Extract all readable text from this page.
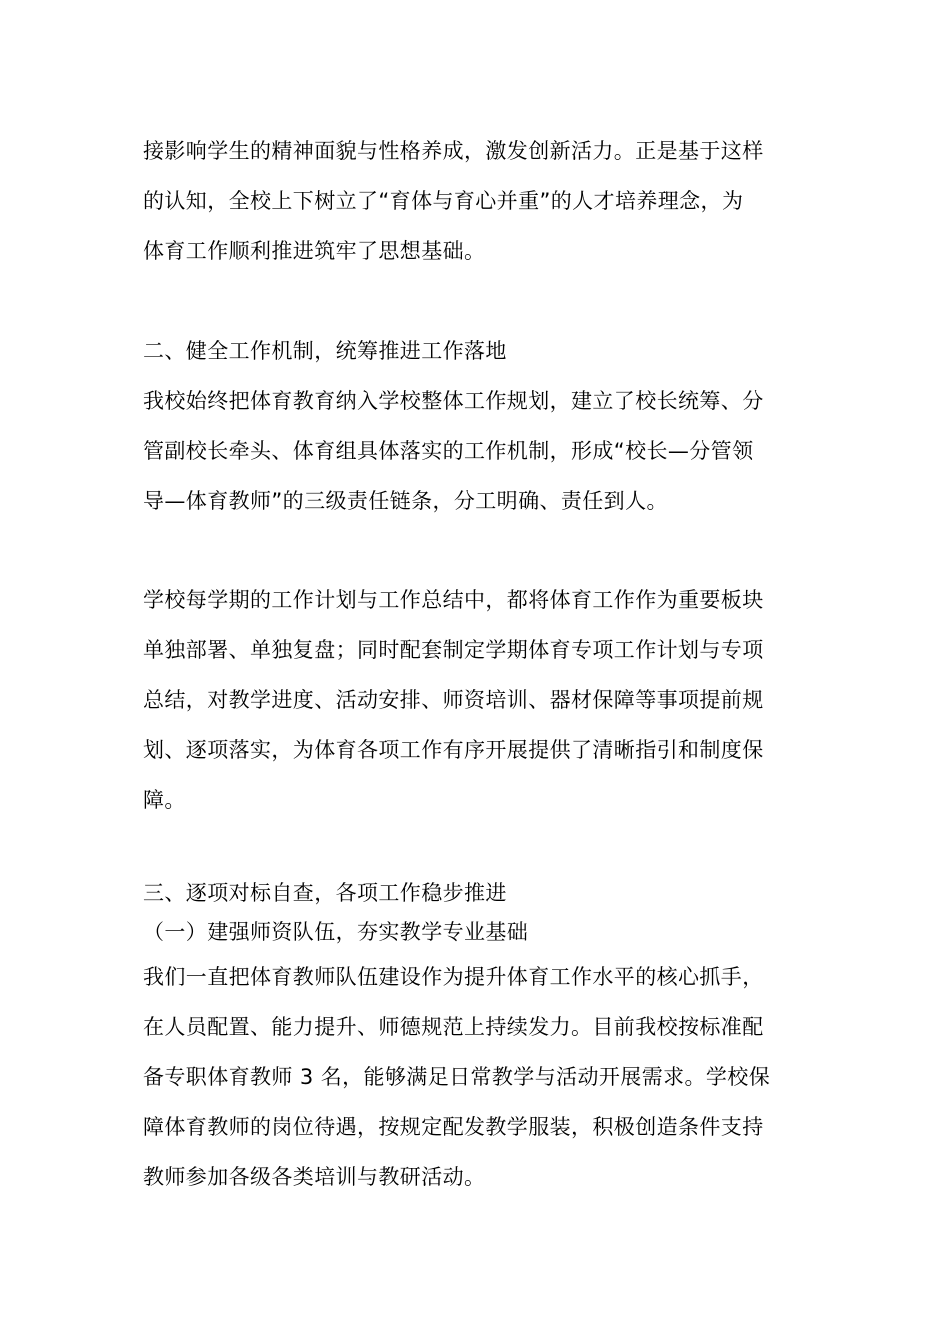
接影响学生的精神面貌与性格养成，激发创新活力。正是基于这样
的认知，全校上下树立了“育体与育心并重”的人才培养理念，为
体育工作顺利推进筑牢了思想基础。
二、健全工作机制，统筹推进工作落地
我校始终把体育教育纳入学校整体工作规划，建立了校长统筹、分
管副校长牵头、体育组具体落实的工作机制，形成“校长—分管领
导—体育教师”的三级责任链条，分工明确、责任到人。
学校每学期的工作计划与工作总结中，都将体育工作作为重要板块
单独部署、单独复盘；同时配套制定学期体育专项工作计划与专项
总结，对教学进度、活动安排、师资培训、器材保障等事项提前规
划、逐项落实，为体育各项工作有序开展提供了清晰指引和制度保
障。
三、逐项对标自查，各项工作稳步推进
（一）建强师资队伍，夯实教学专业基础
我们一直把体育教师队伍建设作为提升体育工作水平的核心抓手，
在人员配置、能力提升、师德规范上持续发力。目前我校按标准配
备专职体育教师 3 名，能够满足日常教学与活动开展需求。学校保
障体育教师的岗位待遇，按规定配发教学服装，积极创造条件支持
教师参加各级各类培训与教研活动。
